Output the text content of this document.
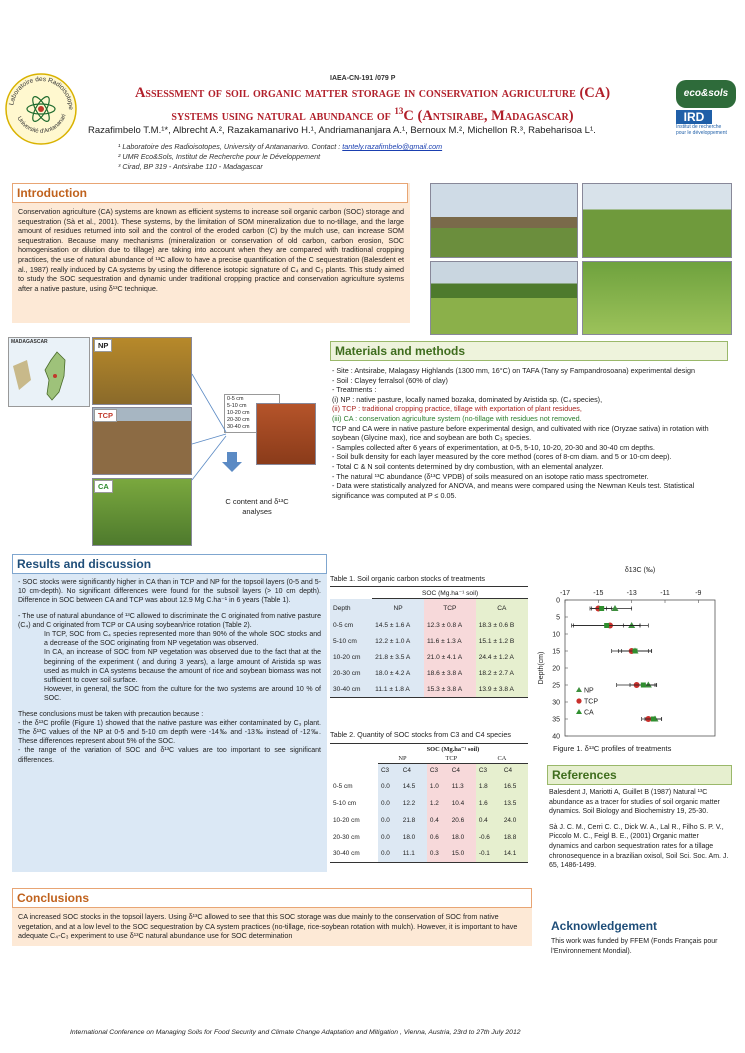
IAEA-CN-191 /079 P
Laboratoire des Radioisotope
Université d'Antananari
Assessment of soil organic matter storage in conservation agriculture (CA)
systems using natural abundance of $^{13}$C (Antsirabe, Madagascar)
eco&sols
IRD
Institut de recherche
pour le développement
Razafimbelo T.M.¹*, Albrecht A.², Razakamanarivo H.¹, Andriamananjara A.¹, Bernoux M.², Michellon R.³, Rabeharisoa L¹.
¹ Laboratoire des Radioisotopes, University of Antananarivo. Contact : tantely.razafimbelo@gmail.com
² UMR Eco&Sols, Institut de Recherche pour le Développement
³ Cirad, BP 319 - Antsirabe 110 - Madagascar
Introduction
Conservation agriculture (CA) systems are known as efficient systems to increase soil organic carbon (SOC) storage and sequestration (Sà et al., 2001). These systems, by the limitation of SOM mineralization due to no-tillage, and the large amount of residues returned into soil and the control of the eroded carbon (C) by the mulch use, can increase SOM sequestration. Because many mechanisms (mineralization or conservation of old carbon, carbon erosion, SOC homogenisation or dilution due to tillage) are taking into account when they are compared with traditional cropping practices, the use of natural abundance of ¹³C allow to have a precise quantification of the C sequestration (Balesdent et al., 1987) really induced by CA systems by using the difference isotopic signature of C₄ and C₃ plants. This study aimed to study the SOC sequestration and dynamic under traditional cropping practice and conservation agriculture systems after a native pasture, using δ¹³C technique.
MADAGASCAR	NP
TCP
CA
0-5 cm
5-10 cm
10-20 cm
20-30 cm
30-40 cm
C content and δ¹³C
analyses
Materials and methods
- Site : Antsirabe, Malagasy Highlands (1300 mm, 16°C) on TAFA (Tany sy Fampandrosoana) experimental design
- Soil : Clayey ferralsol (60% of clay)
- Treatments :
(i) NP : native pasture, locally named bozaka, dominated by Aristida sp. (C₄ species),
(ii) TCP : traditional cropping practice, tillage with exportation of plant residues,
(iii) CA : conservation agriculture system (no-tillage with residues not removed.
TCP and CA were in native pasture before experimental design, and cultivated with rice (Oryzae sativa) in rotation with soybean (Glycine max), rice and soybean are both C₃ species.
- Samples collected after 6 years of experimentation, at 0-5, 5-10, 10-20, 20-30 and 30-40 cm depths.
- Soil bulk density for each layer measured by the core method (cores of 8-cm diam. and 5 or 10-cm deep).
- Total C & N soil contents determined by dry combustion, with an elemental analyzer.
- The natural ¹³C abundance (δ¹³C VPDB) of soils measured on an isotope ratio mass spectrometer.
- Data were statistically analyzed for ANOVA, and means were compared using the Newman Keuls test. Statistical significance was computed at P ≤ 0.05.
Results and discussion
- SOC stocks were significantly higher in CA than in TCP and NP for the topsoil layers (0-5 and 5-10 cm-depth). No significant differences were found for the subsoil layers (> 10 cm depth). Difference in SOC between CA and TCP was about 12.9 Mg C.ha⁻¹ in 6 years (Table 1).
- The use of natural abundance of ¹³C allowed to discriminate the C originated from native pasture (C₄) and C originated from TCP or CA using soybean/rice rotation (Table 2).
In TCP, SOC from C₄ species represented more than 90% of the whole SOC stocks and a decrease of the SOC originating from NP vegetation was observed.
In CA, an increase of SOC from NP vegetation was observed due to the fact that at the beginning of the experiment ( and during 3 years), a large amount of Aristida sp was used as mulch in CA systems because the amount of rice and soybean biomass was not sufficient to cover soil surface.
However, in general, the SOC from the culture for the two systems are around 10 % of SOC.
These conclusions must be taken with precaution because :
- the δ¹³C profile (Figure 1) showed that the native pasture was either contaminated by C₃ plant. The δ¹³C values of the NP at 0-5 and 5-10 cm depth were -14‰ and -13‰ instead of -12‰. These differences represent about 5% of the SOC.
- the range of the variation of SOC and δ¹³C values are too important to see significant differences.
Table 1. Soil organic carbon stocks of treatments
	SOC (Mg.ha⁻¹ soil)		
Depth	NP	TCP	CA
0-5 cm	14.5 ± 1.6 A	12.3 ± 0.8 A	18.3 ± 0.6 B
5-10 cm	12.2 ± 1.0 A	11.6 ± 1.3 A	15.1 ± 1.2 B
10-20 cm	21.8 ± 3.5 A	21.0 ± 4.1 A	24.4 ± 1.2 A
20-30 cm	18.0 ± 4.2 A	18.6 ± 3.8 A	18.2 ± 2.7 A
30-40 cm	11.1 ± 1.8 A	15.3 ± 3.8 A	13.9 ± 3.8 A
Table 2. Quantity of SOC stocks from C3 and C4 species
	SOC (Mg.ha⁻¹ soil)					
	NP		TCP		CA	
	C3	C4	C3	C4	C3	C4
0-5 cm	0.0	14.5	1.0	11.3	1.8	16.5
5-10 cm	0.0	12.2	1.2	10.4	1.6	13.5
10-20 cm	0.0	21.8	0.4	20.6	0.4	24.0
20-30 cm	0.0	18.0	0.6	18.0	-0.6	18.8
30-40 cm	0.0	11.1	0.3	15.0	-0.1	14.1
δ13C (‰)
-17	-15	-13	-11	-9
0
5
10
15
20
25
30
35
40
Depth(cm)
NP
TCP
CA
Figure 1. δ¹³C profiles of treatments
References
Balesdent J, Mariotti A, Guillet B (1987) Natural ¹³C abundance as a tracer for studies of soil organic matter dynamics. Soil Biology and Biochemistry 19, 25-30.
Sà J. C. M., Cerri C. C., Dick W. A., Lal R., Filho S. P. V., Piccolo M. C., Feigl B. E., (2001) Organic matter dynamics and carbon sequestration rates for a tillage chronosequence in a brazilian oxisol, Soil Sci. Soc. Am. J. 65, 1486-1499.
Conclusions
CA increased SOC stocks in the topsoil layers. Using δ¹³C allowed to see that this SOC storage was due mainly to the conservation of SOC from native vegetation, and at a low level to the SOC sequestration by CA system practices (no-tillage, rice-soybean rotation with mulch). However, it is important to have adequate C₄-C₃ experiment to use δ¹³C natural abundance use for SOC determination
Acknowledgement
This work was funded by FFEM (Fonds Français pour l'Environnement Mondial).
International Conference on Managing Soils for Food Security and Climate Change Adaptation and Mitigation , Vienna, Austria, 23rd to 27th July 2012
